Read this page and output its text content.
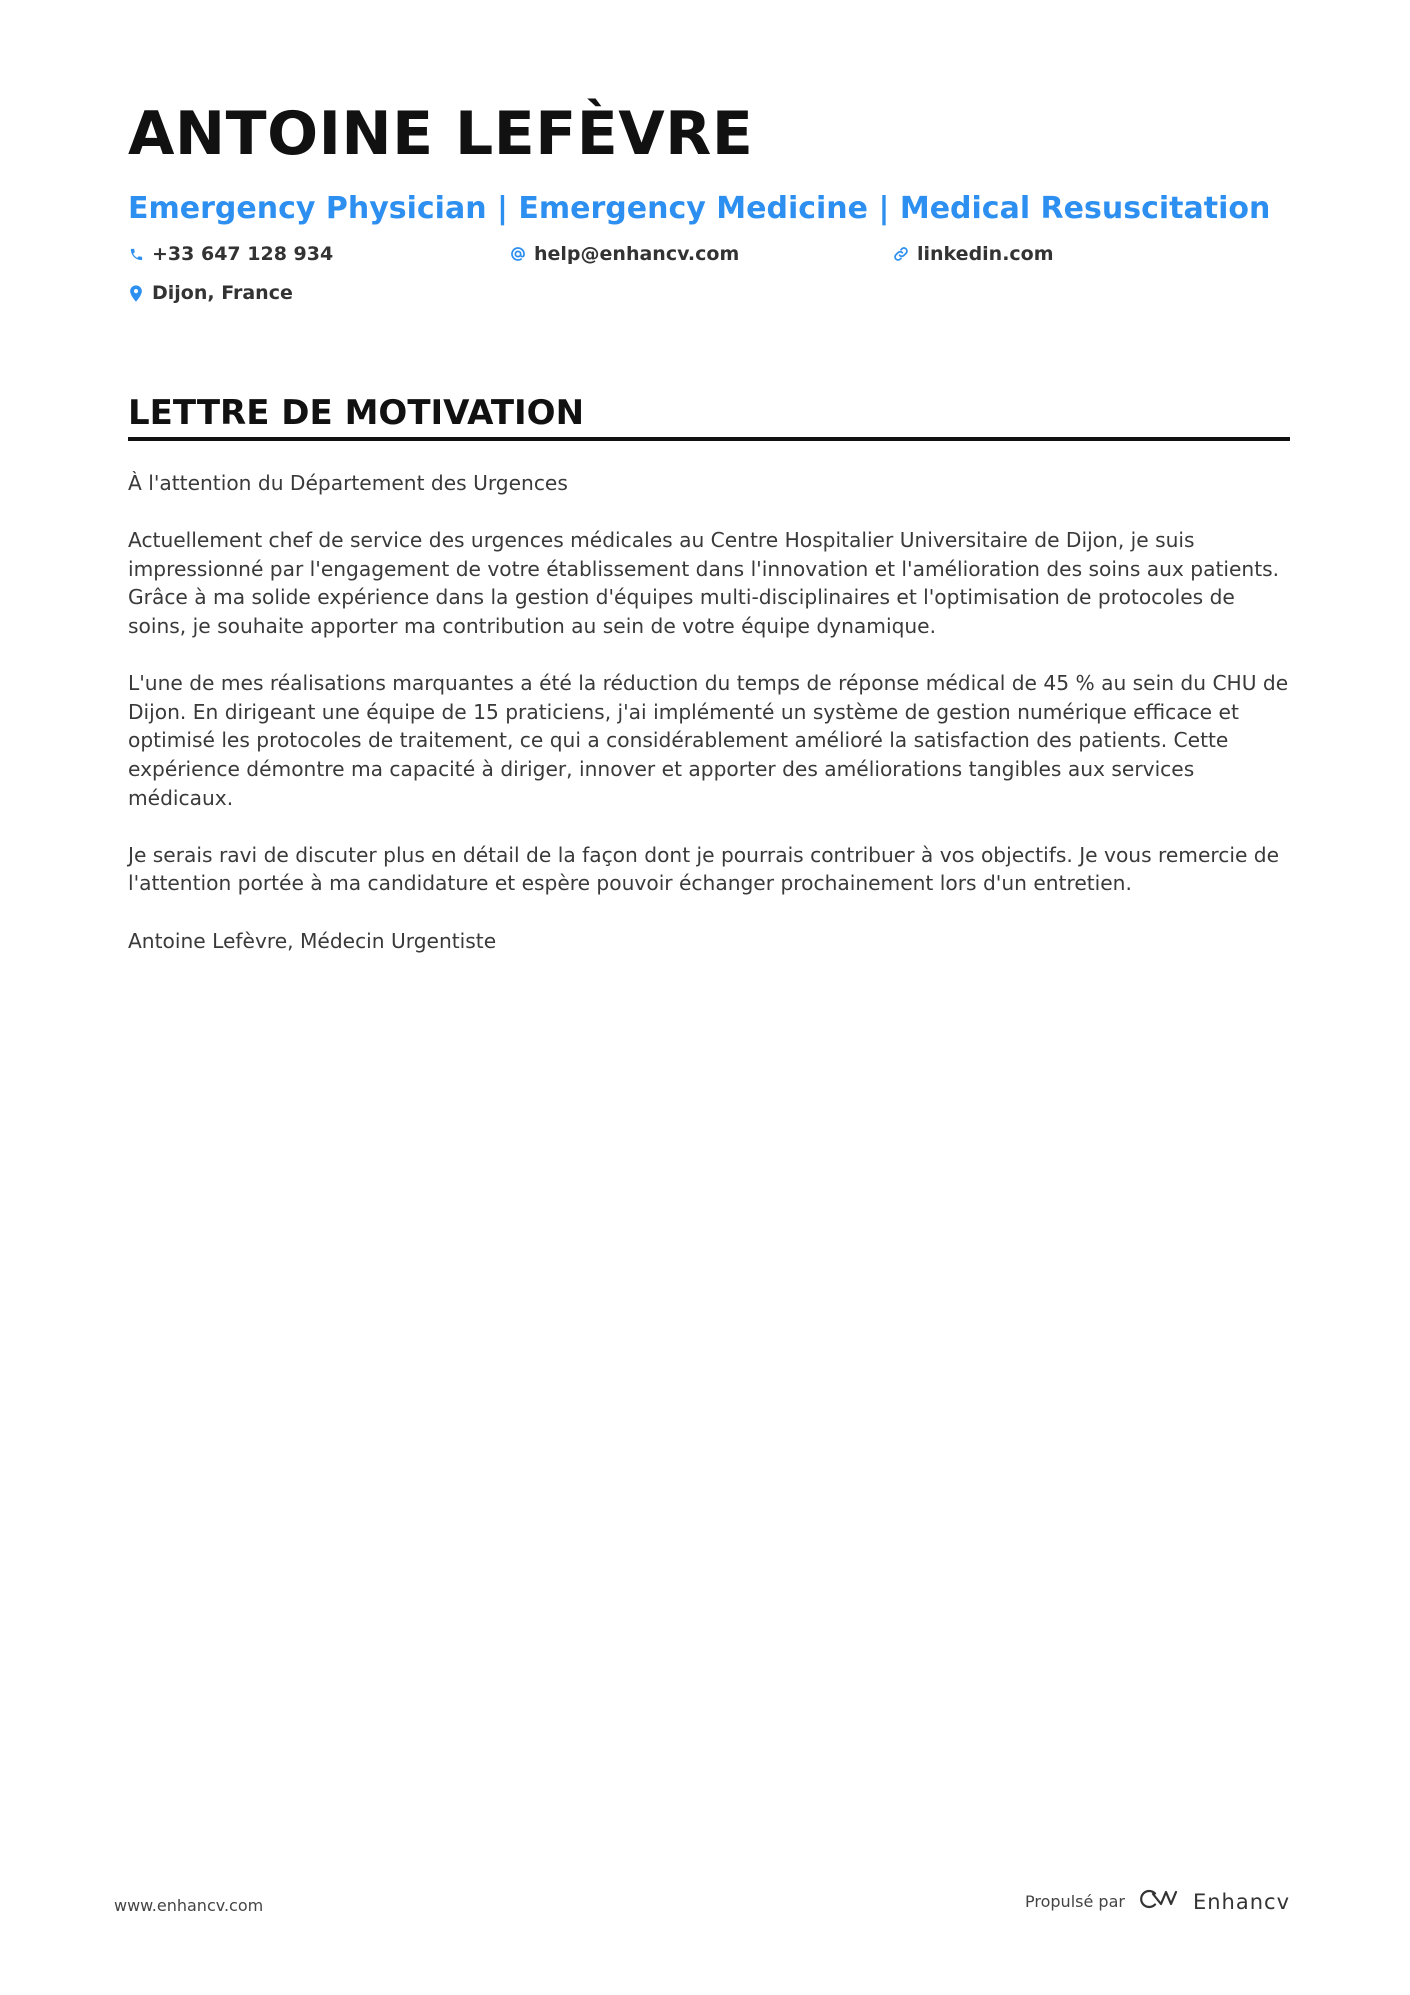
ANTOINE LEFÈVRE
Emergency Physician | Emergency Medicine | Medical Resuscitation
+33 647 128 934	help@enhancv.com	linkedin.com
Dijon, France
LETTRE DE MOTIVATION

À l'attention du Département des Urgences

Actuellement chef de service des urgences médicales au Centre Hospitalier Universitaire de Dijon, je suis impressionné par l'engagement de votre établissement dans l'innovation et l'amélioration des soins aux patients. Grâce à ma solide expérience dans la gestion d'équipes multi-disciplinaires et l'optimisation de protocoles de soins, je souhaite apporter ma contribution au sein de votre équipe dynamique.

L'une de mes réalisations marquantes a été la réduction du temps de réponse médical de 45 % au sein du CHU de Dijon. En dirigeant une équipe de 15 praticiens, j'ai implémenté un système de gestion numérique efficace et optimisé les protocoles de traitement, ce qui a considérablement amélioré la satisfaction des patients. Cette expérience démontre ma capacité à diriger, innover et apporter des améliorations tangibles aux services médicaux.

Je serais ravi de discuter plus en détail de la façon dont je pourrais contribuer à vos objectifs. Je vous remercie de l'attention portée à ma candidature et espère pouvoir échanger prochainement lors d'un entretien.

Antoine Lefèvre, Médecin Urgentiste

www.enhancv.com	Propulsé par	Enhancv
